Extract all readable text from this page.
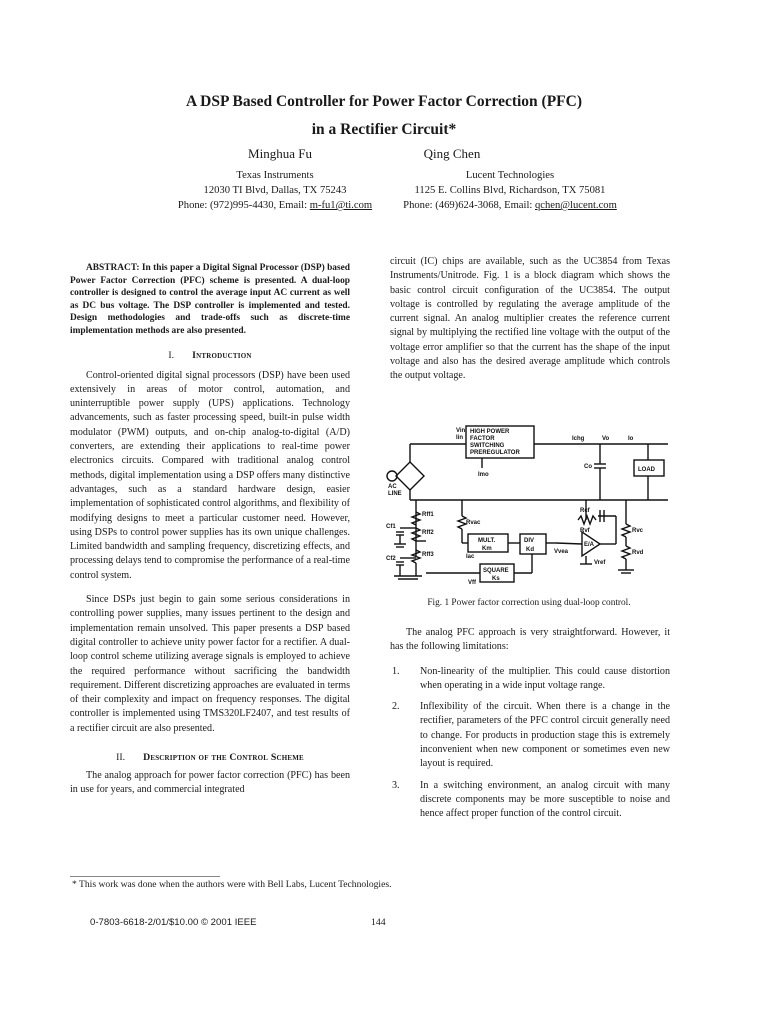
A DSP Based Controller for Power Factor Correction (PFC)
in a Rectifier Circuit*
Minghua Fu	Qing Chen
Texas Instruments
12030 TI Blvd, Dallas, TX 75243
Phone: (972)995-4430, Email: m-fu1@ti.com
Lucent Technologies
1125 E. Collins Blvd, Richardson, TX 75081
Phone: (469)624-3068, Email: qchen@lucent.com
ABSTRACT: In this paper a Digital Signal Processor (DSP) based Power Factor Correction (PFC) scheme is presented. A dual-loop controller is designed to control the average input AC current as well as DC bus voltage. The DSP controller is implemented and tested. Design methodologies and trade-offs such as discrete-time implementation methods are also presented.
I. Introduction

Control-oriented digital signal processors (DSP) have been used extensively in areas of motor control, automation, and uninterruptible power supply (UPS) applications. Technology advancements, such as faster processing speed, built-in pulse width modulator (PWM) outputs, and on-chip analog-to-digital (A/D) converters, are extending their applications to real-time power electronics circuits. Compared with traditional analog control methods, digital implementation using a DSP offers many distinctive advantages, such as a standard hardware design, easier implementation of sophisticated control algorithms, and flexibility of modifying designs to meet a particular customer need. However, using DSPs to control power supplies has its own unique challenges. Limited bandwidth and sampling frequency, discretizing effects, and processing delays tend to compromise the performance of a real-time control system.

Since DSPs just begin to gain some serious considerations in controlling power supplies, many issues pertinent to the design and implementation remain unsolved. This paper presents a DSP based digital controller to achieve unity power factor for a rectifier. A dual-loop control scheme utilizing average signals is employed to achieve the required performance without sacrificing the bandwidth requirement. Different discretizing approaches are evaluated in terms of their complexity and impact on frequency responses. The digital controller is implemented using TMS320LF2407, and test results of a rectifier circuit are also presented.

II. Description of the Control Scheme

The analog approach for power factor correction (PFC) has been in use for years, and commercial integrated

circuit (IC) chips are available, such as the UC3854 from Texas Instruments/Unitrode. Fig. 1 is a block diagram which shows the basic control circuit configuration of the UC3854. The output voltage is controlled by regulating the average amplitude of the current signal. An analog multiplier creates the reference current signal by multiplying the rectified line voltage with the output of the voltage error amplifier so that the current has the shape of the input voltage and also has the desired average amplitude which controls the output voltage.

Vin
Iin
HIGH POWER
FACTOR
SWITCHING
PREREGULATOR
Ichg	Vo	Io
Co	LOAD
AC
LINE
Imo
Cf1
Cf2
Rff1
Rff2
Rff3
Rvac
MULT.
Km
Iac
DIV
Kd	Vvea
Rcf
Rvf
E/A
Vref
Rvc
Rvd
SQUARE
Ks
Vff
Fig. 1 Power factor correction using dual-loop control.

The analog PFC approach is very straightforward. However, it has the following limitations:

1. Non-linearity of the multiplier. This could cause distortion when operating in a wide input voltage range.
2. Inflexibility of the circuit. When there is a change in the rectifier, parameters of the PFC control circuit generally need to change. For products in production stage this is extremely inconvenient when new component or sometimes even new layout is required.
3. In a switching environment, an analog circuit with many discrete components may be more susceptible to noise and hence affect proper function of the control circuit.
* This work was done when the authors were with Bell Labs, Lucent Technologies.
0-7803-6618-2/01/$10.00 © 2001 IEEE	144
